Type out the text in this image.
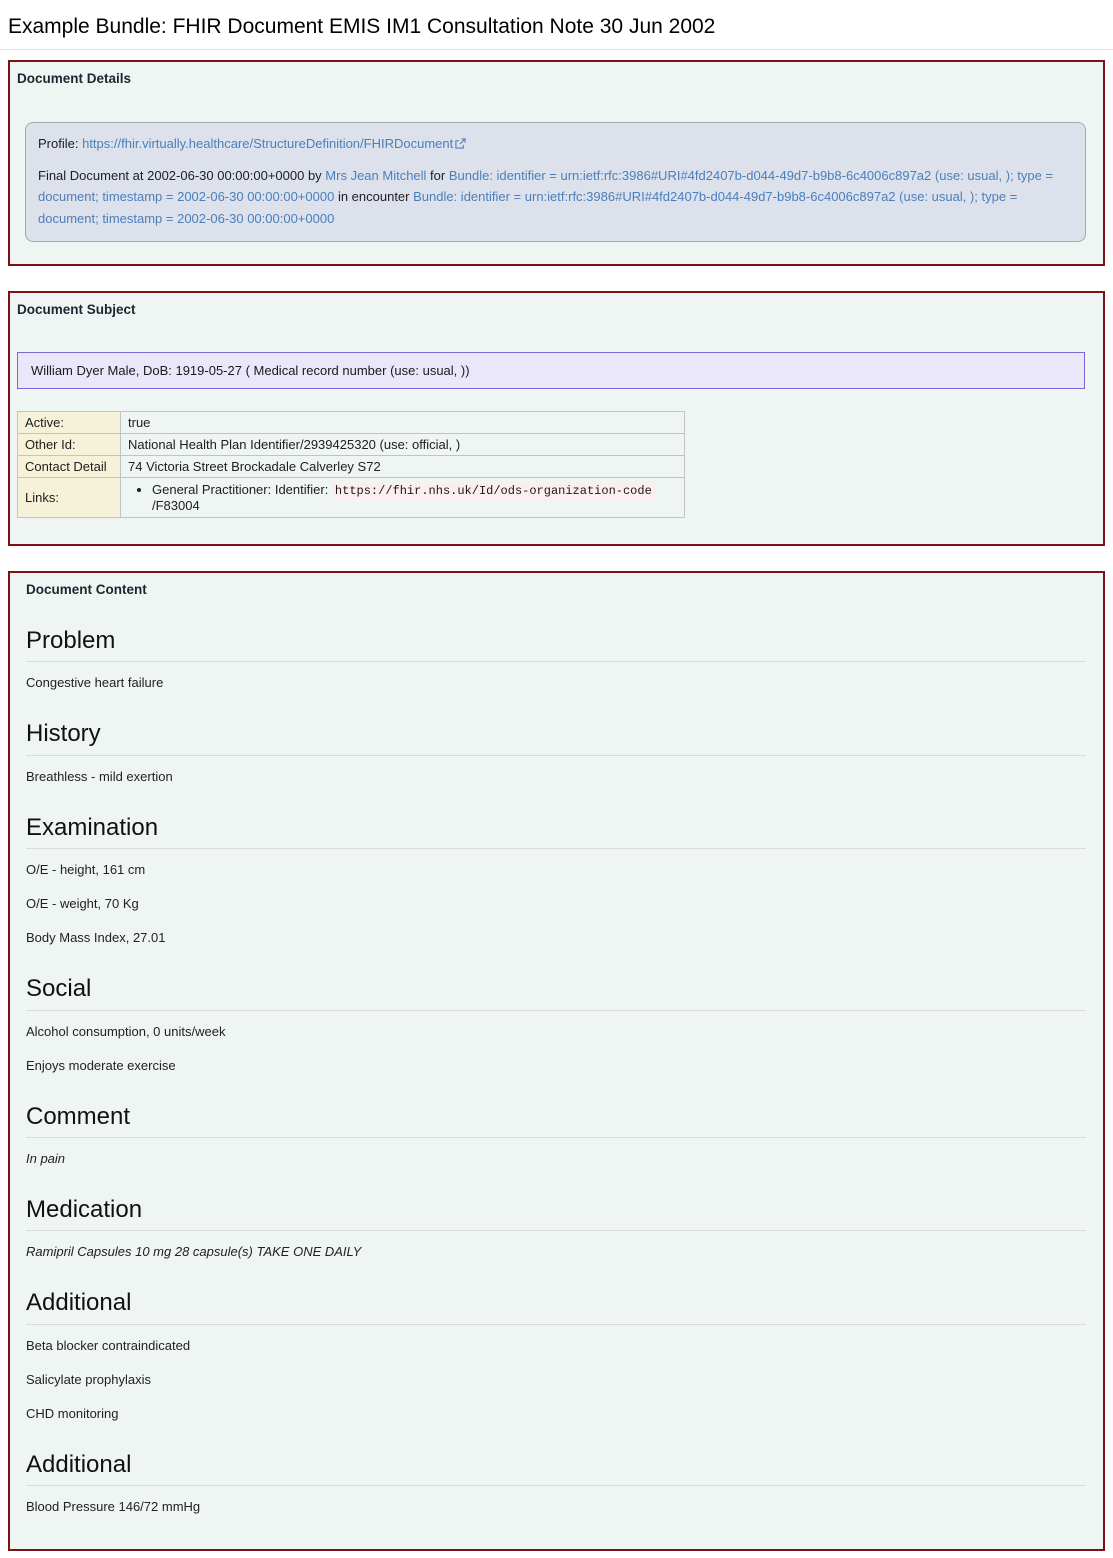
Example Bundle: FHIR Document EMIS IM1 Consultation Note 30 Jun 2002
Document Details

Profile: https://fhir.virtually.healthcare/StructureDefinition/FHIRDocument

Final Document at 2002-06-30 00:00:00+0000 by Mrs Jean Mitchell for Bundle: identifier = urn:ietf:rfc:3986#URI#4fd2407b-d044-49d7-b9b8-6c4006c897a2 (use: usual, ); type = document; timestamp = 2002-06-30 00:00:00+0000 in encounter Bundle: identifier = urn:ietf:rfc:3986#URI#4fd2407b-d044-49d7-b9b8-6c4006c897a2 (use: usual, ); type = document; timestamp = 2002-06-30 00:00:00+0000

Document Subject
William Dyer Male, DoB: 1919-05-27 ( Medical record number (use: usual, ))
Active:	true
Other Id:	National Health Plan Identifier/2939425320 (use: official, )
Contact Detail	74 Victoria Street Brockadale Calverley S72
Links:	
• General Practitioner: Identifier: https://fhir.nhs.uk/Id/ods-organization-code /F83004
Document Content
Problem

Congestive heart failure

History

Breathless - mild exertion

Examination

O/E - height, 161 cm

O/E - weight, 70 Kg

Body Mass Index, 27.01

Social

Alcohol consumption, 0 units/week

Enjoys moderate exercise

Comment

In pain

Medication

Ramipril Capsules 10 mg 28 capsule(s) TAKE ONE DAILY

Additional

Beta blocker contraindicated

Salicylate prophylaxis

CHD monitoring

Additional

Blood Pressure 146/72 mmHg
